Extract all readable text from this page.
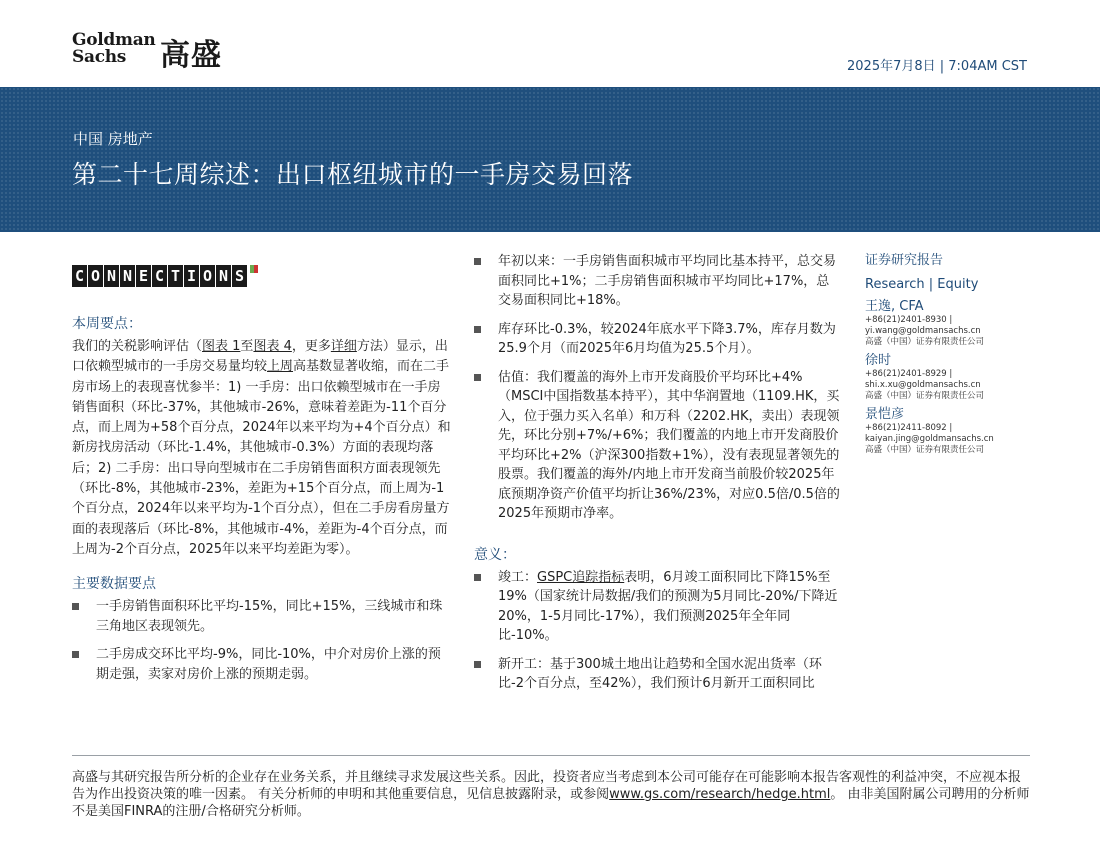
Goldman
Sachs	高盛	2025年7月8日 | 7:04AM CST
中国 房地产
第二十七周综述：出口枢纽城市的一手房交易回落
C O N N E C T I O N S
本周要点：

我们的关税影响评估（图表 1至图表 4，更多详细方法）显示，出口依赖型城市的一手房交易量均较上周高基数显著收缩，而在二手房市场上的表现喜忧参半：1) 一手房：出口依赖型城市在一手房销售面积（环比-37%，其他城市-26%，意味着差距为-11个百分点，而上周为+58个百分点，2024年以来平均为+4个百分点）和新房找房活动（环比-1.4%，其他城市-0.3%）方面的表现均落后；2) 二手房：出口导向型城市在二手房销售面积方面表现领先（环比-8%，其他城市-23%，差距为+15个百分点，而上周为-1个百分点，2024年以来平均为-1个百分点），但在二手房看房量方面的表现落后（环比-8%，其他城市-4%，差距为-4个百分点，而上周为-2个百分点，2025年以来平均差距为零）。

主要数据要点
一手房销售面积环比平均-15%，同比+15%，三线城市和珠三角地区表现领先。
二手房成交环比平均-9%，同比-10%，中介对房价上涨的预期走强，卖家对房价上涨的预期走弱。
年初以来：一手房销售面积城市平均同比基本持平，总交易面积同比+1%；二手房销售面积城市平均同比+17%，总交易面积同比+18%。
库存环比-0.3%，较2024年底水平下降3.7%，库存月数为25.9个月（而2025年6月均值为25.5个月）。
估值：我们覆盖的海外上市开发商股价平均环比+4%（MSCI中国指数基本持平），其中华润置地（1109.HK，买入，位于强力买入名单）和万科（2202.HK，卖出）表现领先，环比分别+7%/+6%；我们覆盖的内地上市开发商股价平均环比+2%（沪深300指数+1%），没有表现显著领先的股票。我们覆盖的海外/内地上市开发商当前股价较2025年底预期净资产价值平均折让36%/23%，对应0.5倍/0.5倍的2025年预期市净率。
意义：
竣工：GSPC追踪指标表明，6月竣工面积同比下降15%至19%（国家统计局数据/我们的预测为5月同比-20%/下降近20%，1-5月同比-17%），我们预测2025年全年同比-10%。
新开工：基于300城土地出让趋势和全国水泥出货率（环比-2个百分点，至42%），我们预计6月新开工面积同比
证券研究报告
Research | Equity
王逸, CFA
+86(21)2401-8930 |
yi.wang@goldmansachs.cn
高盛（中国）证券有限责任公司
徐时
+86(21)2401-8929 |
shi.x.xu@goldmansachs.cn
高盛（中国）证券有限责任公司
景恺彦
+86(21)2411-8092 |
kaiyan.jing@goldmansachs.cn
高盛（中国）证券有限责任公司
高盛与其研究报告所分析的企业存在业务关系，并且继续寻求发展这些关系。因此，投资者应当考虑到本公司可能存在可能影响本报告客观性的利益冲突，不应视本报告为作出投资决策的唯一因素。 有关分析师的申明和其他重要信息，见信息披露附录，或参阅www.gs.com/research/hedge.html。 由非美国附属公司聘用的分析师不是美国FINRA的注册/合格研究分析师。
